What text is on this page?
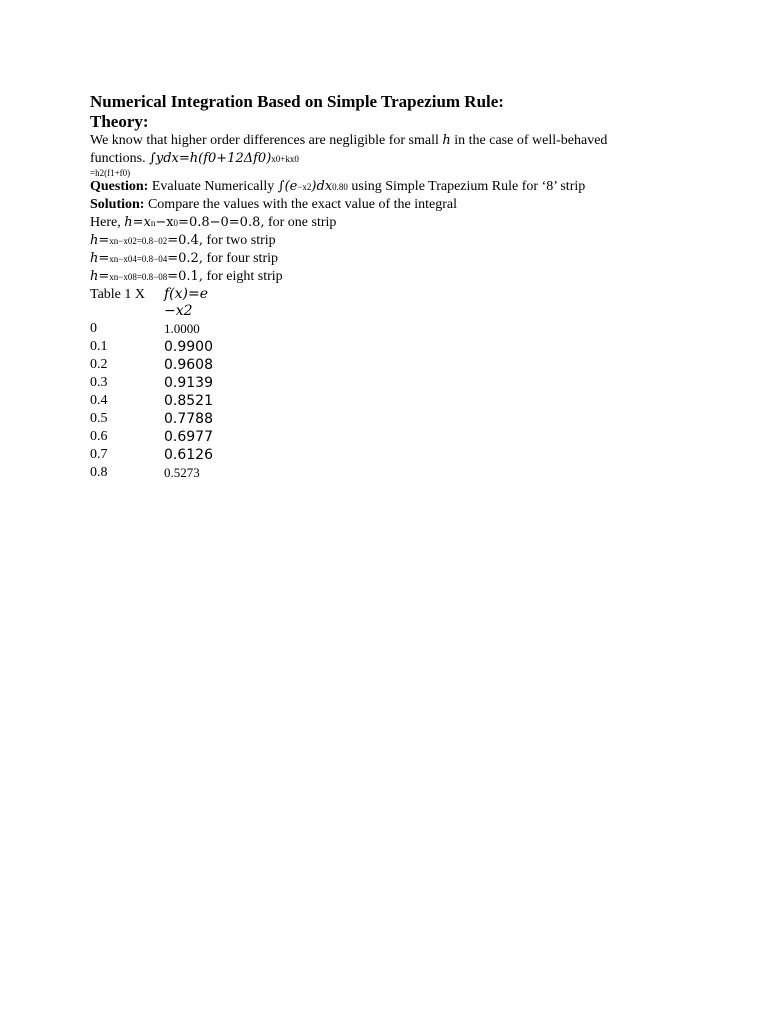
Numerical Integration Based on Simple Trapezium Rule:
Theory:
We know that higher order differences are negligible for small h in the case of well-behaved
functions. ∫ydx=h(f0+12Δf0)x0+kx0
=h2(f1+f0)
Question: Evaluate Numerically ∫(e−x2)dx0.80 using Simple Trapezium Rule for ‘8’ strip
Solution: Compare the values with the exact value of the integral
Here, h=xn−x0=0.8−0=0.8, for one strip
h=xn−x02=0.8−02=0.4, for two strip
h=xn−x04=0.8−04=0.2, for four strip
h=xn−x08=0.8−08=0.1, for eight strip
Table 1 X	f(x)=e
−x2
0	1.0000
0.1	0.9900
0.2	0.9608
0.3	0.9139
0.4	0.8521
0.5	0.7788
0.6	0.6977
0.7	0.6126
0.8	0.5273
